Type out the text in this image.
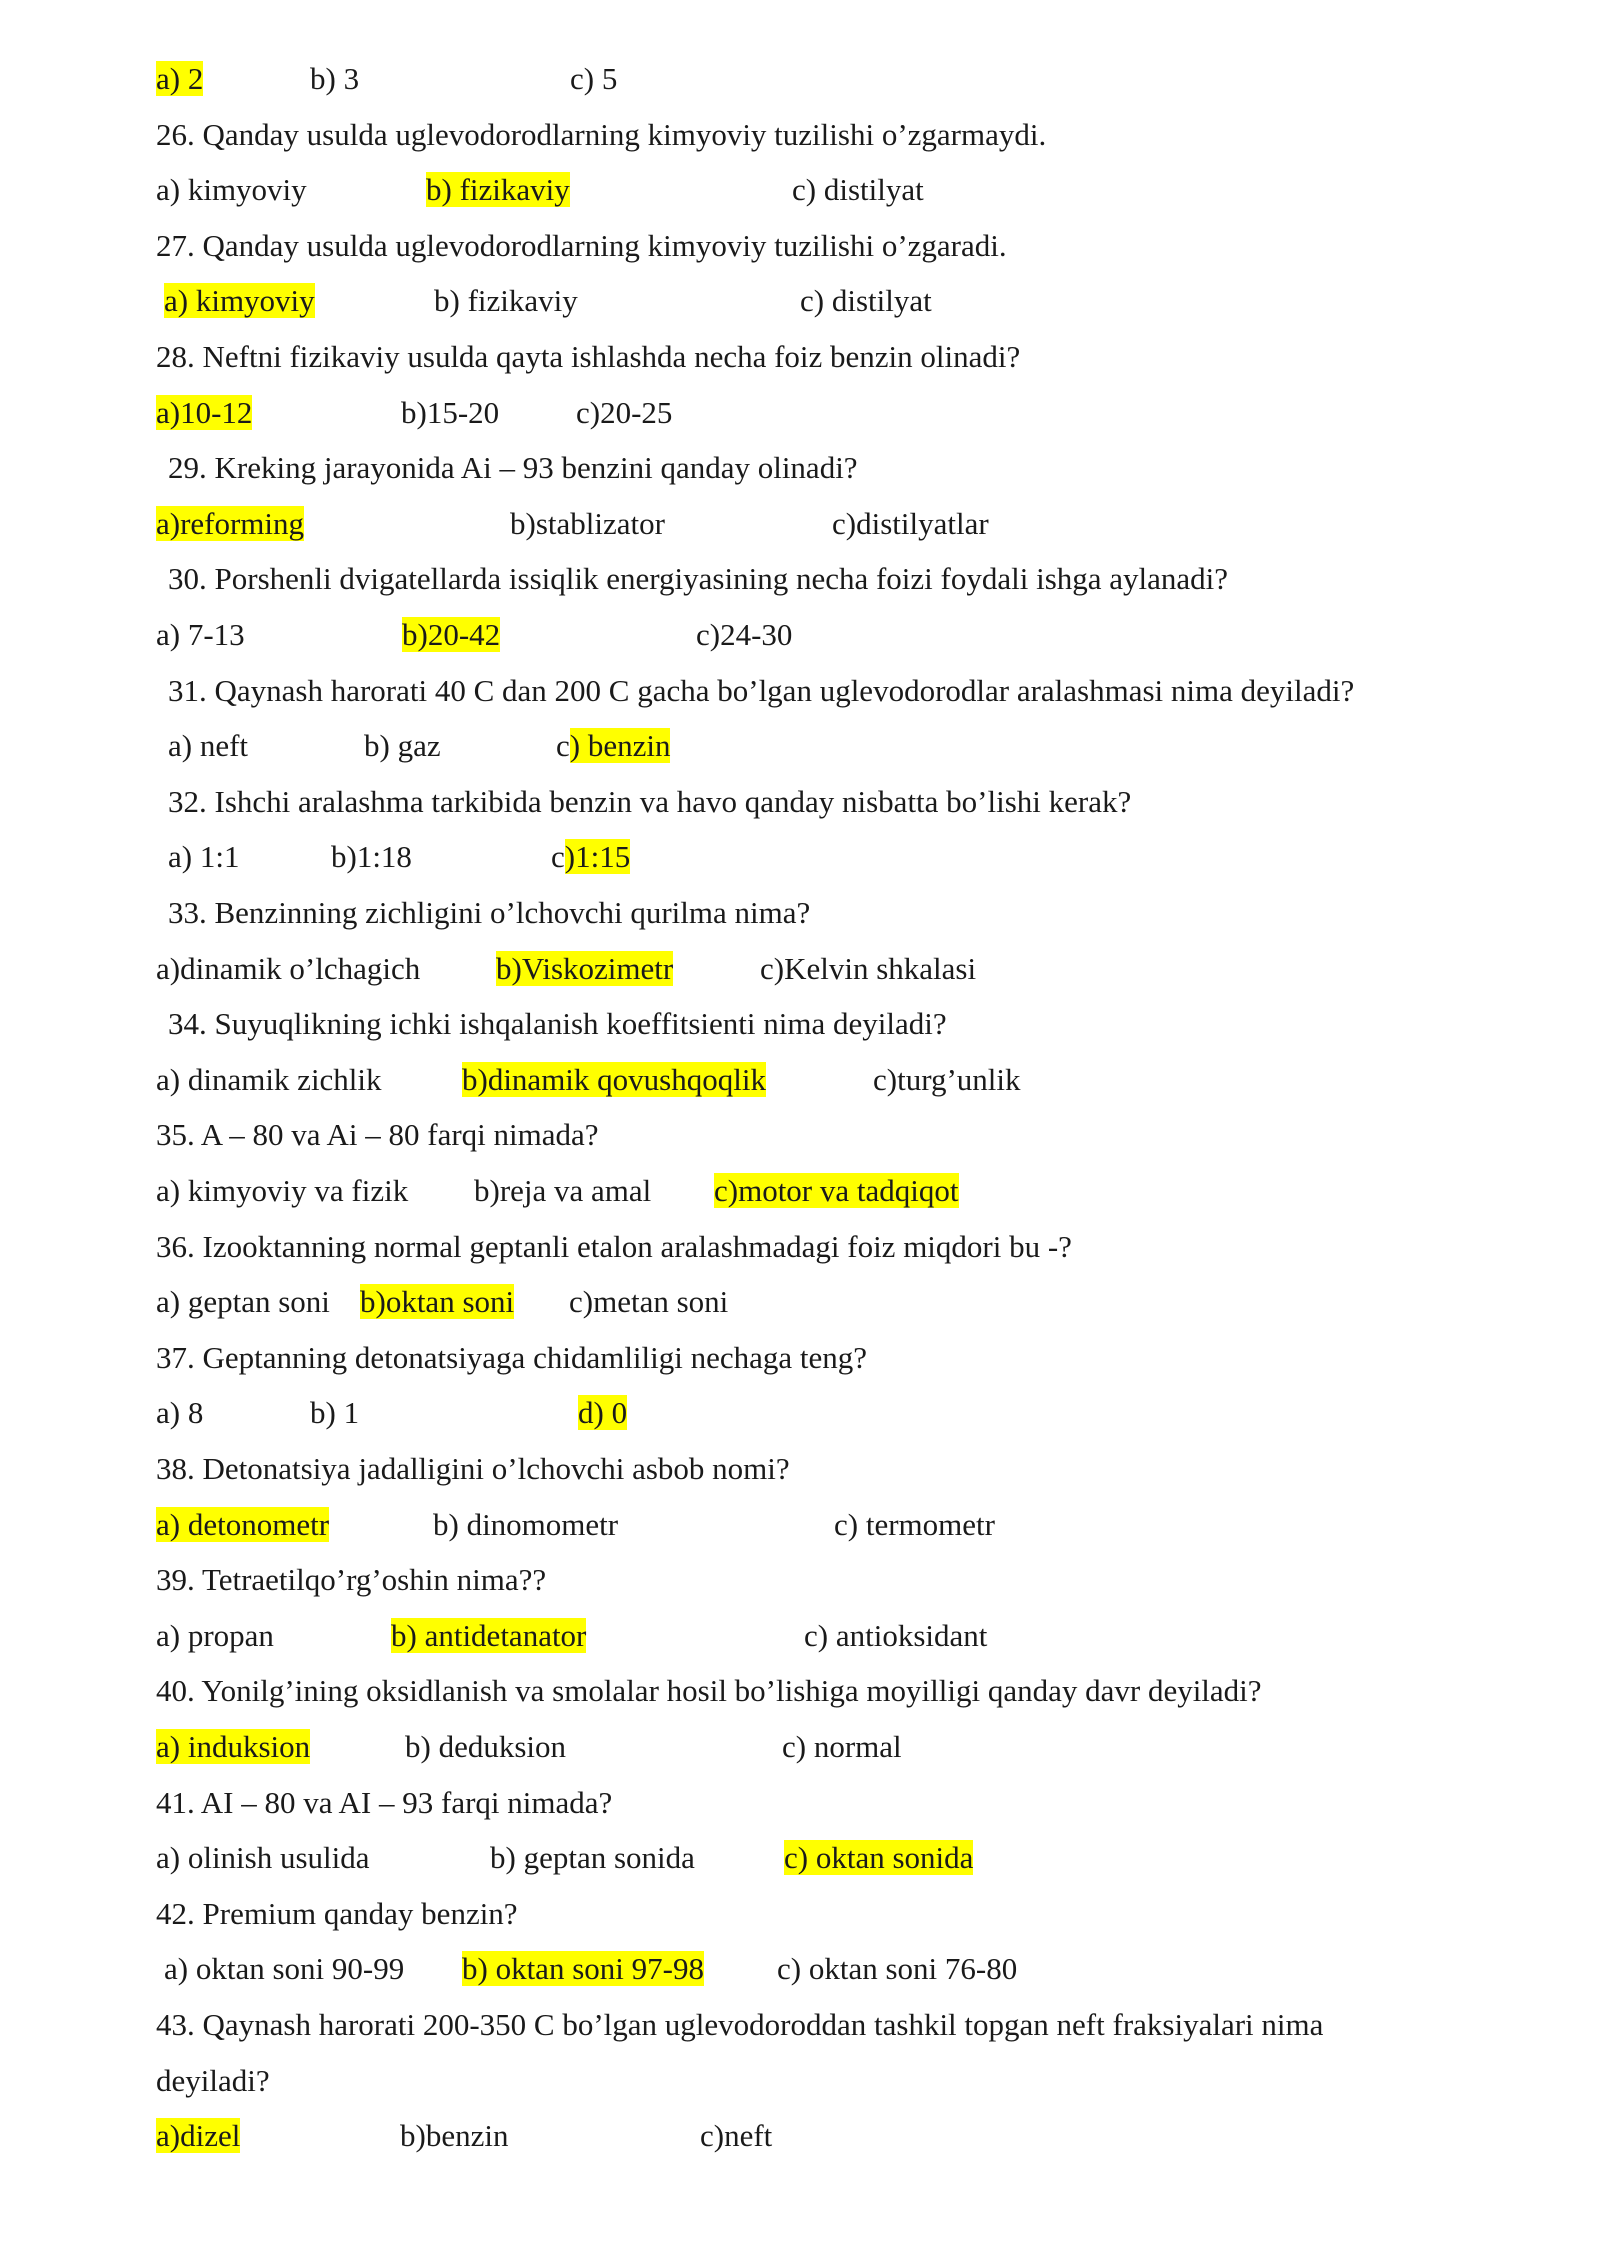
a) 2	b) 3	c) 5
26. Qanday usulda uglevodorodlarning kimyoviy tuzilishi o’zgarmaydi.
a) kimyoviy	b) fizikaviy	c) distilyat
27. Qanday usulda uglevodorodlarning kimyoviy tuzilishi o’zgaradi.
a) kimyoviy	b) fizikaviy	c) distilyat
28. Neftni fizikaviy usulda qayta ishlashda necha foiz benzin olinadi?
a)10-12	b)15-20 c)20-25
29. Kreking jarayonida Ai – 93 benzini qanday olinadi?
a)reforming	b)stablizator	c)distilyatlar
30. Porshenli dvigatellarda issiqlik energiyasining necha foizi foydali ishga aylanadi?
a) 7-13	b)20-42	c)24-30
31. Qaynash harorati 40 C dan 200 C gacha bo’lgan uglevodorodlar aralashmasi nima deyiladi?
a) neft	b) gaz	c) benzin
32. Ishchi aralashma tarkibida benzin va havo qanday nisbatta bo’lishi kerak?
a) 1:1	b)1:18	c)1:15
33. Benzinning zichligini o’lchovchi qurilma nima?
a)dinamik o’lchagich b)Viskozimetr	c)Kelvin shkalasi
34. Suyuqlikning ichki ishqalanish koeffitsienti nima deyiladi?
a) dinamik zichlik	b)dinamik qovushqoqlik	c)turg’unlik
35. A – 80 va Ai – 80 farqi nimada?
a) kimyoviy va fizik b)reja va amal c)motor va tadqiqot
36. Izooktanning normal geptanli etalon aralashmadagi foiz miqdori bu -?
a) geptan soni b)oktan soni c)metan soni
37. Geptanning detonatsiyaga chidamliligi nechaga teng?
a) 8	b) 1	d) 0
38. Detonatsiya jadalligini o’lchovchi asbob nomi?
a) detonometr	b) dinomometr	c) termometr
39. Tetraetilqo’rg’oshin nima??
a) propan	b) antidetanator	c) antioksidant
40. Yonilg’ining oksidlanish va smolalar hosil bo’lishiga moyilligi qanday davr deyiladi?
a) induksion	b) deduksion	c) normal
41. AI – 80 va AI – 93 farqi nimada?
a) olinish usulida	b) geptan sonida	c) oktan sonida
42. Premium qanday benzin?
a) oktan soni 90-99 b) oktan soni 97-98 c) oktan soni 76-80
43. Qaynash harorati 200-350 C bo’lgan uglevodoroddan tashkil topgan neft fraksiyalari nima
deyiladi?
a)dizel	b)benzin	c)neft
